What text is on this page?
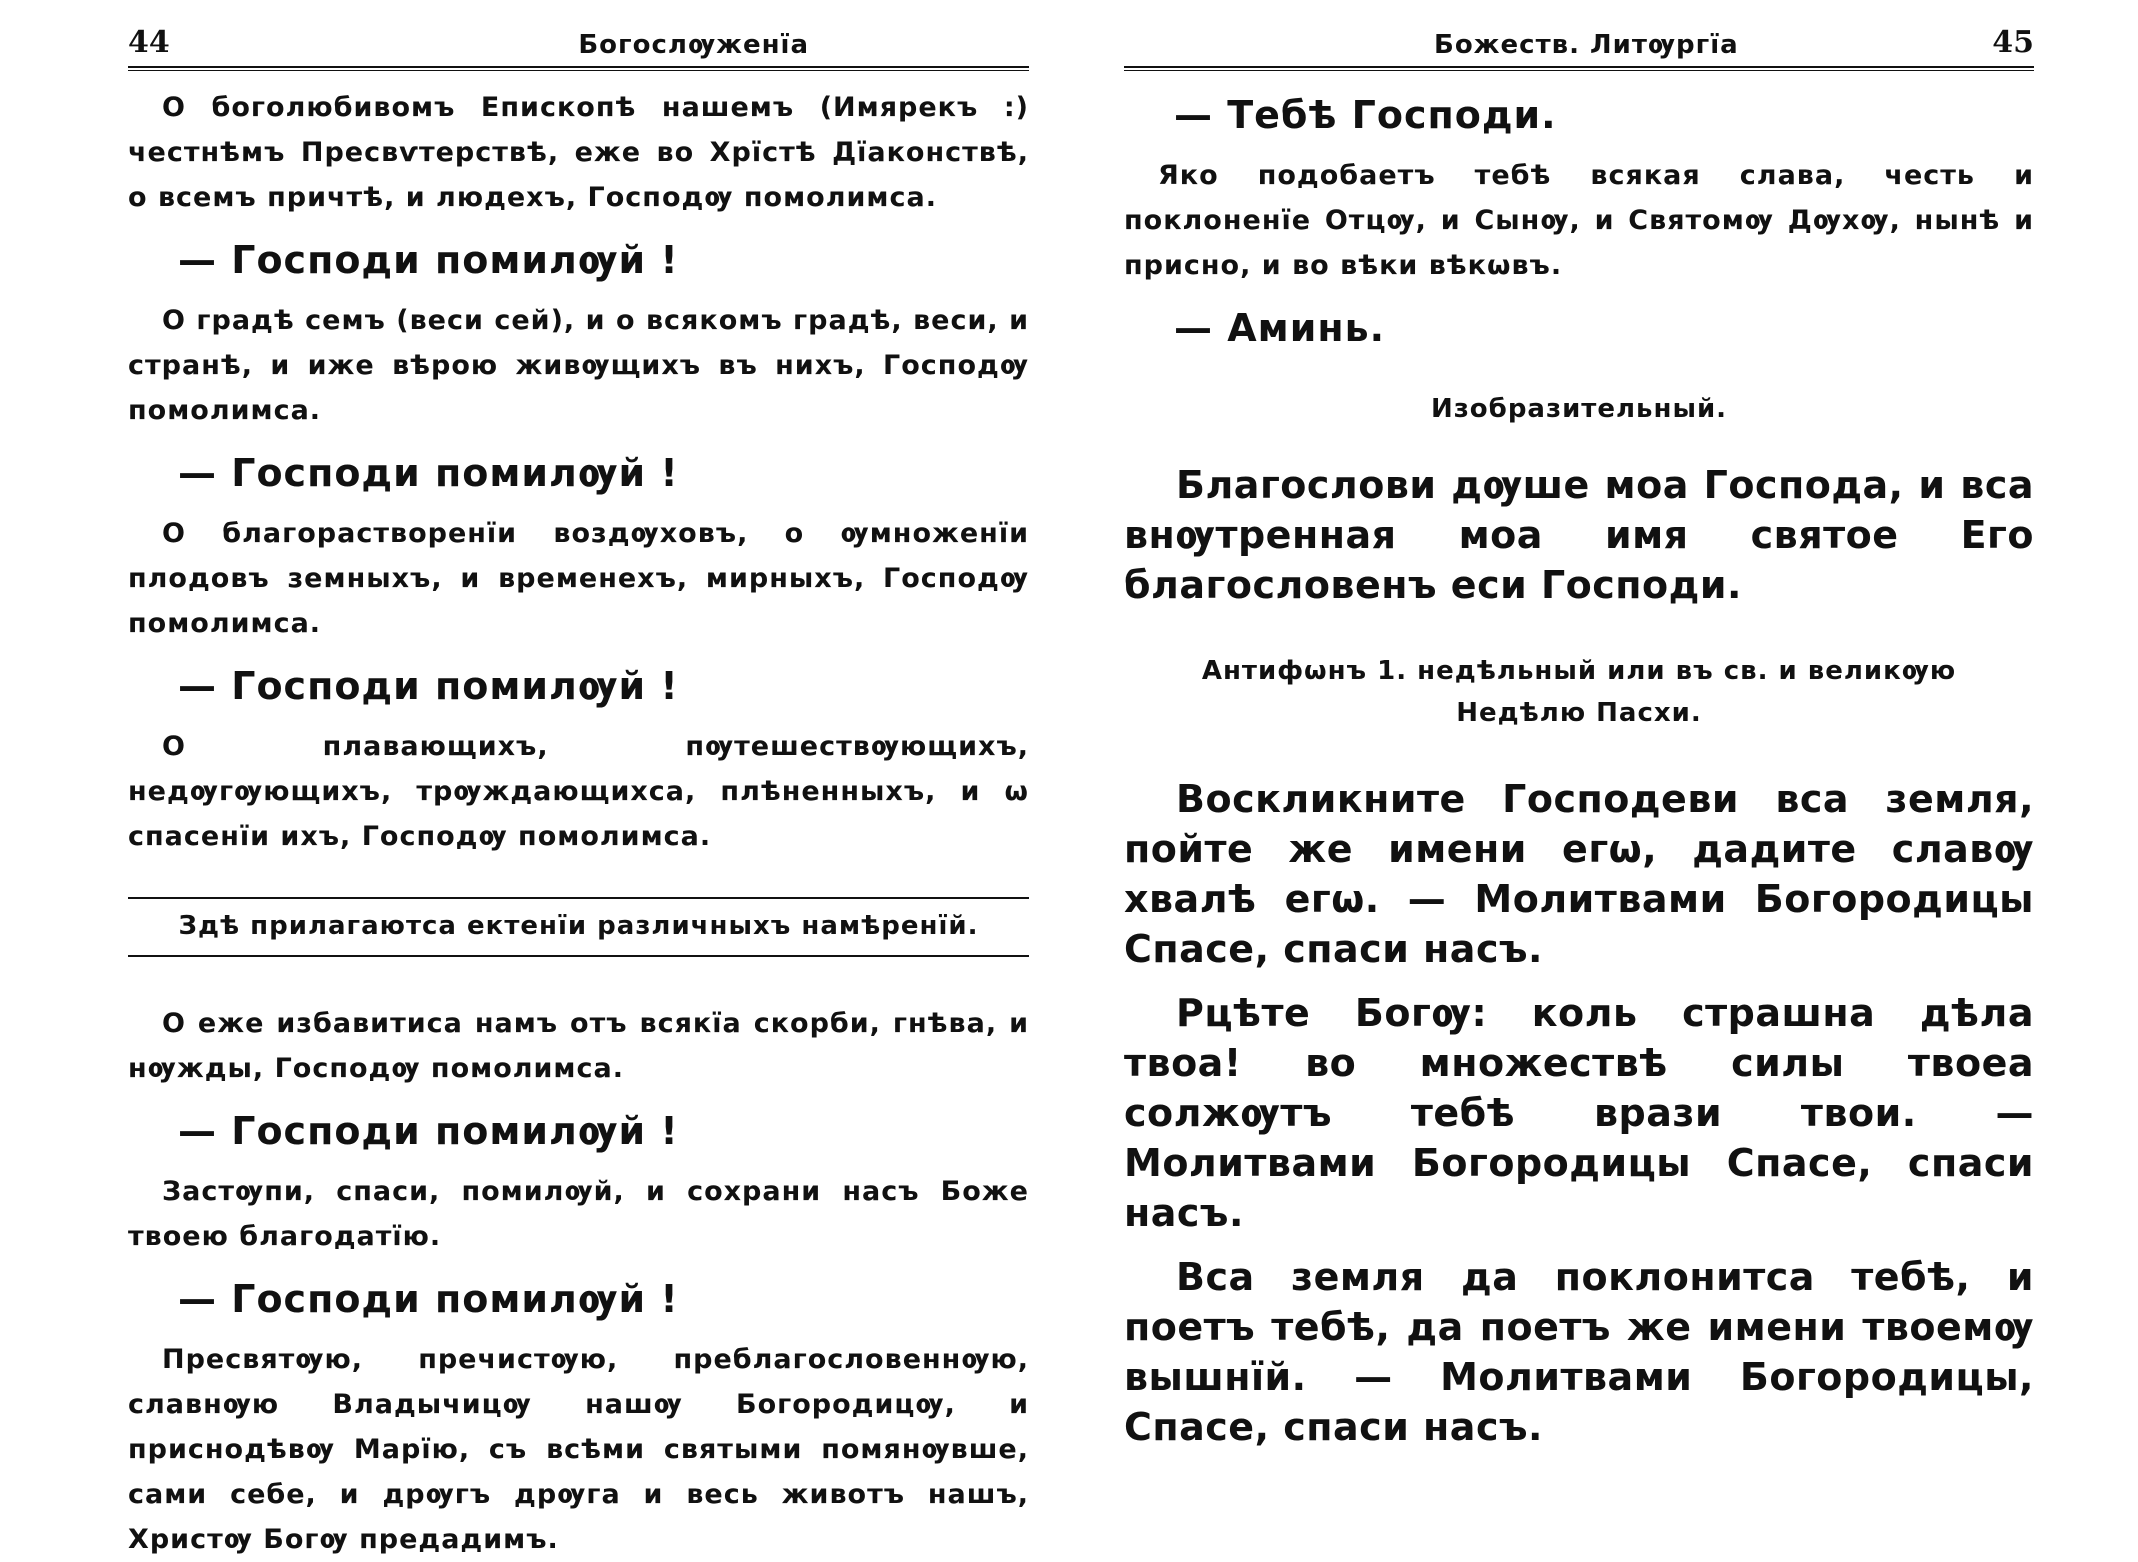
44	Богослѹженїа

О боголюбивомъ Епископѣ нашемъ (Имярекъ :) честнѣмъ Пресвѵтерствѣ, еже во Хрїстѣ Дїаконствѣ, о всемъ причтѣ, и людехъ, Господѹ помолимса.

— Господи помилѹй !

О градѣ семъ (веси сей), и о всякомъ градѣ, веси, и странѣ, и иже вѣрою живѹщихъ въ нихъ, Господѹ помолимса.

— Господи помилѹй !

О благорастворенїи воздѹховъ, о ѹмноженїи плодовъ земныхъ, и временехъ, мирныхъ, Господѹ помолимса.

— Господи помилѹй !

О плавающихъ, пѹтешествѹющихъ, недѹгѹющихъ, трѹждающихса, плѣненныхъ, и ѡ спасенїи ихъ, Господѹ помолимса.

Здѣ прилагаютса ектенїи различныхъ намѣренїй.

О еже избавитиса намъ отъ всякїа скорби, гнѣва, и нѹжды, Господѹ помолимса.

— Господи помилѹй !

Застѹпи, спаси, помилѹй, и сохрани насъ Боже твоею благодатїю.

— Господи помилѹй !

Пресвятѹю, пречистѹю, преблагословеннѹю, славнѹю Владычицѹ нашѹ Богородицѹ, и приснодѣвѹ Марїю, съ всѣми святыми помянѹвше, сами себе, и дрѹгъ дрѹга и весь животъ нашъ, Христѹ Богѹ предадимъ.

Божеств. Литѹргїа	45
— Тебѣ Господи.

Яко подобаетъ тебѣ всякая слава, честь и поклоненїе Отцѹ, и Сынѹ, и Святомѹ Дѹхѹ, нынѣ и присно, и во вѣки вѣкѡвъ.

— Аминь.

Изобразительный.

Благослови дѹше моа Господа, и вса внѹтренная моа имя святое Его благословенъ еси Господи.

Антифѡнъ 1. недѣльный или въ св. и великѹю

Недѣлю Пасхи.

Воскликните Господеви вса земля, пойте же имени егѡ, дадите славѹ хвалѣ егѡ. — Молитвами Богородицы Спасе, спаси насъ.

Рцѣте Богѹ: коль страшна дѣла твоа! во множествѣ силы твоеа солжѹтъ тебѣ врази твои. — Молитвами Богородицы Спасе, спаси насъ.

Вса земля да поклонитса тебѣ, и поетъ тебѣ, да поетъ же имени твоемѹ вышнїй. — Молитвами Богородицы, Спасе, спаси насъ.
